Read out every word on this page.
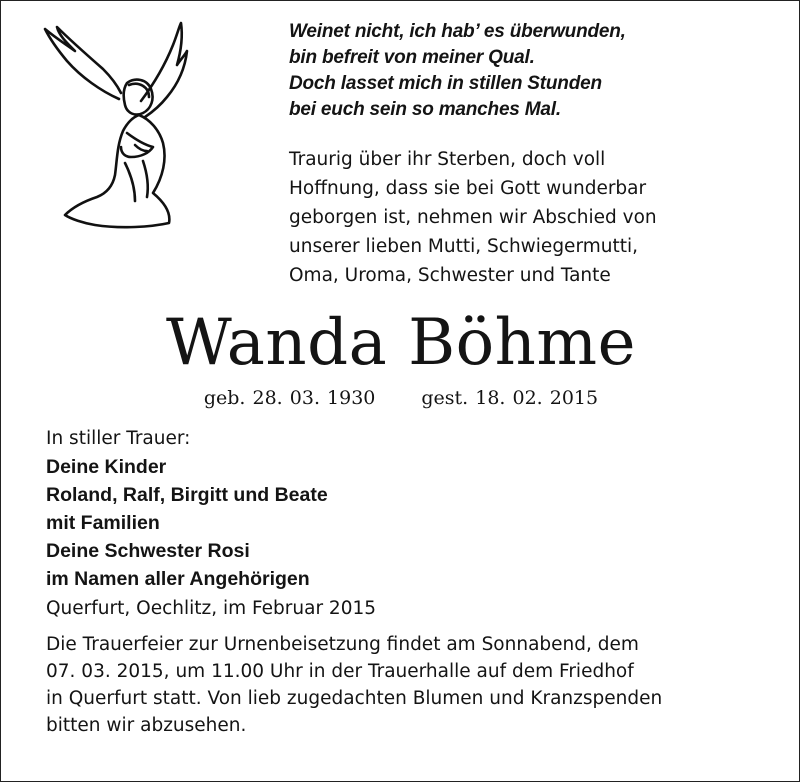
Weinet nicht, ich hab’ es überwunden,
bin befreit von meiner Qual.
Doch lasset mich in stillen Stunden
bei euch sein so manches Mal.
Traurig über ihr Sterben, doch voll
Hoffnung, dass sie bei Gott wunderbar
geborgen ist, nehmen wir Abschied von
unserer lieben Mutti, Schwiegermutti,
Oma, Uroma, Schwester und Tante
Wanda Böhme
geb. 28. 03. 1930 gest. 18. 02. 2015
In stiller Trauer:
Deine Kinder
Roland, Ralf, Birgitt und Beate
mit Familien
Deine Schwester Rosi
im Namen aller Angehörigen
Querfurt, Oechlitz, im Februar 2015
Die Trauerfeier zur Urnenbeisetzung findet am Sonnabend, dem
07. 03. 2015, um 11.00 Uhr in der Trauerhalle auf dem Friedhof
in Querfurt statt. Von lieb zugedachten Blumen und Kranzspenden
bitten wir abzusehen.
